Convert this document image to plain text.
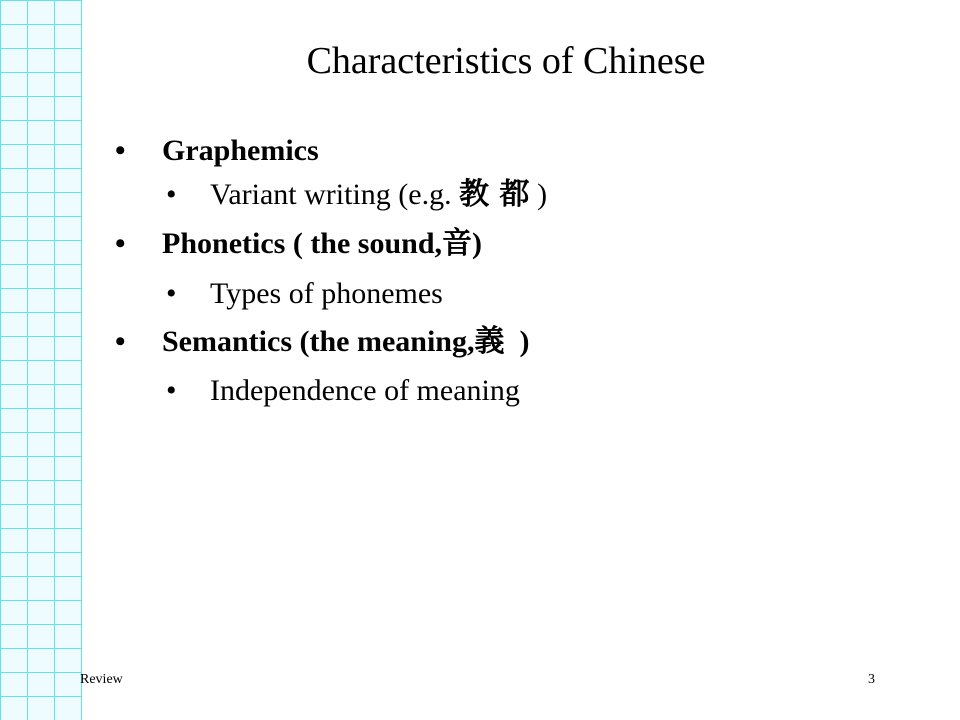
Characteristics of Chinese
• Graphemics
• Variant writing (e.g. 教 都 )
• Phonetics ( the sound,音)
• Types of phonemes
• Semantics (the meaning,義  )
• Independence of meaning
Review	3
